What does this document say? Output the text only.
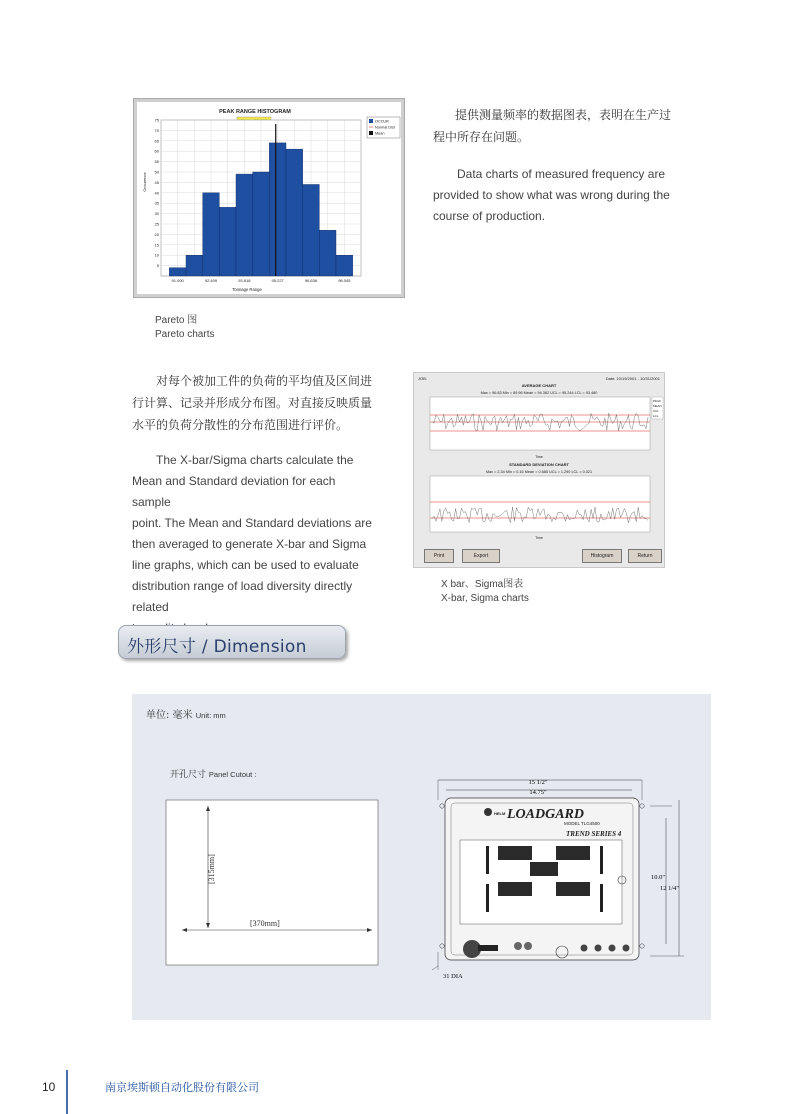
PEAK RANGE HISTOGRAM
Occurence
Tonnage Range
5
10
15
20
25
30
35
40
45
50
55
60
65
70
75
91.000	92.409	93.818	95.227	96.636	98.045
OCCUR
Normal Dist
Mean
提供测量频率的数据图表，表明在生产过
程中所存在问题。
Data charts of measured frequency are
provided to show what was wrong during the
course of production.
Pareto 图
Pareto charts
对每个被加工件的负荷的平均值及区间进
行计算、记录并形成分布图。对直接反映质量
水平的负荷分散性的分布范围进行评价。
The X-bar/Sigma charts calculate the
Mean and Standard deviation for each sample
point. The Mean and Standard deviations are
then averaged to generate X-bar and Sigma
line graphs, which can be used to evaluate
distribution range of load diversity directly related
JOB:	Date: 10/19/2001 - 10/31/2001
AVERAGE CHART
Max = 96.83 Min = 89.96 Mean = 94.362 UCL = 95.244 LCL = 93.480
Time
STANDARD DEVIATION CHART
Max = 2.34 Min = 0.16 Mean = 0.685 UCL = 1.290 LCL = 0.021
Time
PEAK
MEAN
UCL
LCL
Print	Export	Histogram	Return
X bar、Sigma图表
X-bar, Sigma charts
外形尺寸 / Dimension
单位: 毫米 Unit: mm
开孔尺寸 Panel Cutout :
[315mm]
[370mm]
15 1/2"
14.75"
HELM LOADGARD
MODEL TLG4500
TREND SERIES 4
10.0"
12 1/4"
31 DIA
10	南京埃斯顿自动化股份有限公司
